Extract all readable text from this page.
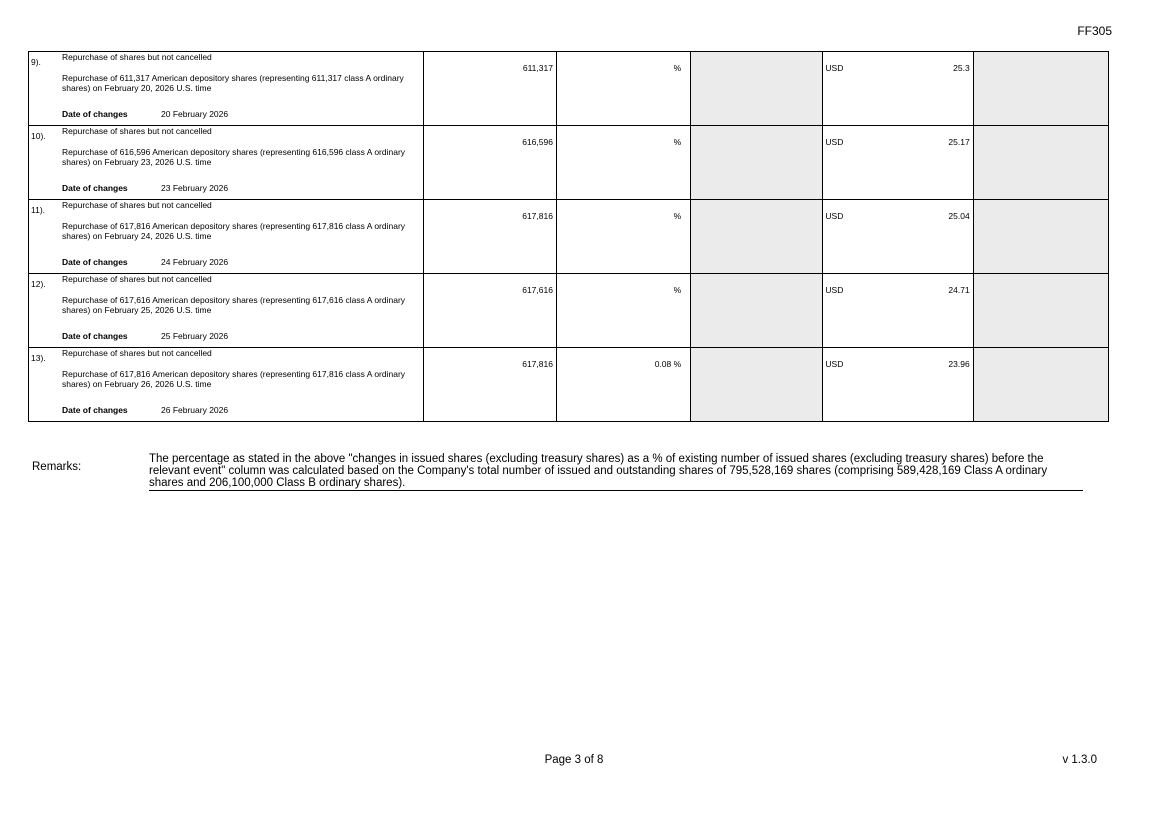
FF305
9). Repurchase of shares but not cancelled
Repurchase of 611,317 American depository shares (representing 611,317 class A ordinary shares) on February 20, 2026 U.S. time
Date of changes 20 February 2026	611,317	%		USD 25.3	

10). Repurchase of shares but not cancelled
Repurchase of 616,596 American depository shares (representing 616,596 class A ordinary shares) on February 23, 2026 U.S. time
Date of changes 23 February 2026	616,596	%		USD 25.17	

11). Repurchase of shares but not cancelled
Repurchase of 617,816 American depository shares (representing 617,816 class A ordinary shares) on February 24, 2026 U.S. time
Date of changes 24 February 2026	617,816	%		USD 25.04	

12). Repurchase of shares but not cancelled
Repurchase of 617,616 American depository shares (representing 617,616 class A ordinary shares) on February 25, 2026 U.S. time
Date of changes 25 February 2026	617,616	%		USD 24.71	

13). Repurchase of shares but not cancelled
Repurchase of 617,816 American depository shares (representing 617,816 class A ordinary shares) on February 26, 2026 U.S. time
Date of changes 26 February 2026	617,816	0.08 %		USD 23.96	

Remarks:
The percentage as stated in the above "changes in issued shares (excluding treasury shares) as a % of existing number of issued shares (excluding treasury shares) before the relevant event" column was calculated based on the Company's total number of issued and outstanding shares of 795,528,169 shares (comprising 589,428,169 Class A ordinary shares and 206,100,000 Class B ordinary shares).
Page 3 of 8	v 1.3.0
